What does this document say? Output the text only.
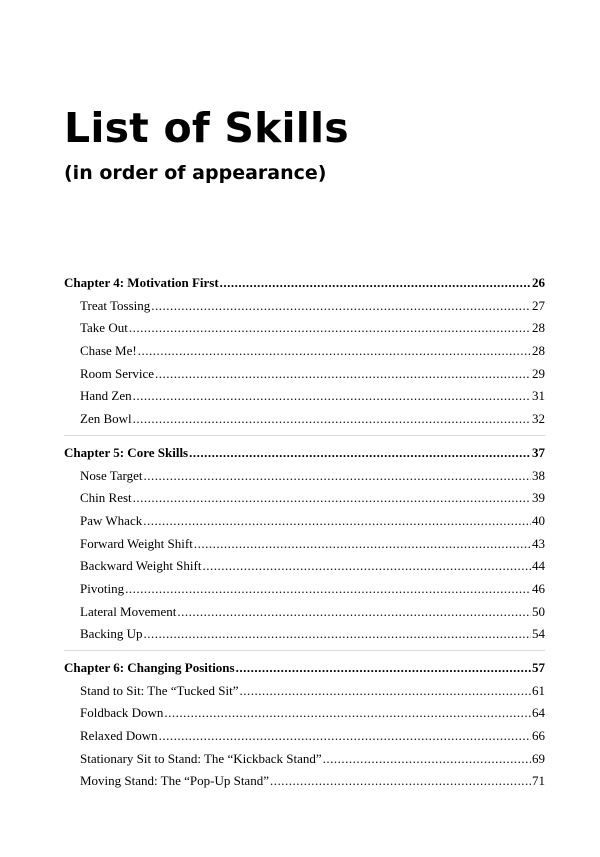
List of Skills
(in order of appearance)
Chapter 4: Motivation First .....	26
Treat Tossing .....	27
Take Out .....	28
Chase Me! .....	28
Room Service .....	29
Hand Zen .....	31
Zen Bowl .....	32
Chapter 5: Core Skills .....	37
Nose Target .....	38
Chin Rest .....	39
Paw Whack .....	40
Forward Weight Shift .....	43
Backward Weight Shift .....	44
Pivoting .....	46
Lateral Movement .....	50
Backing Up .....	54
Chapter 6: Changing Positions .....	57
Stand to Sit: The “Tucked Sit” .....	61
Foldback Down .....	64
Relaxed Down .....	66
Stationary Sit to Stand: The “Kickback Stand” .....	69
Moving Stand: The “Pop-Up Stand” .....	71
